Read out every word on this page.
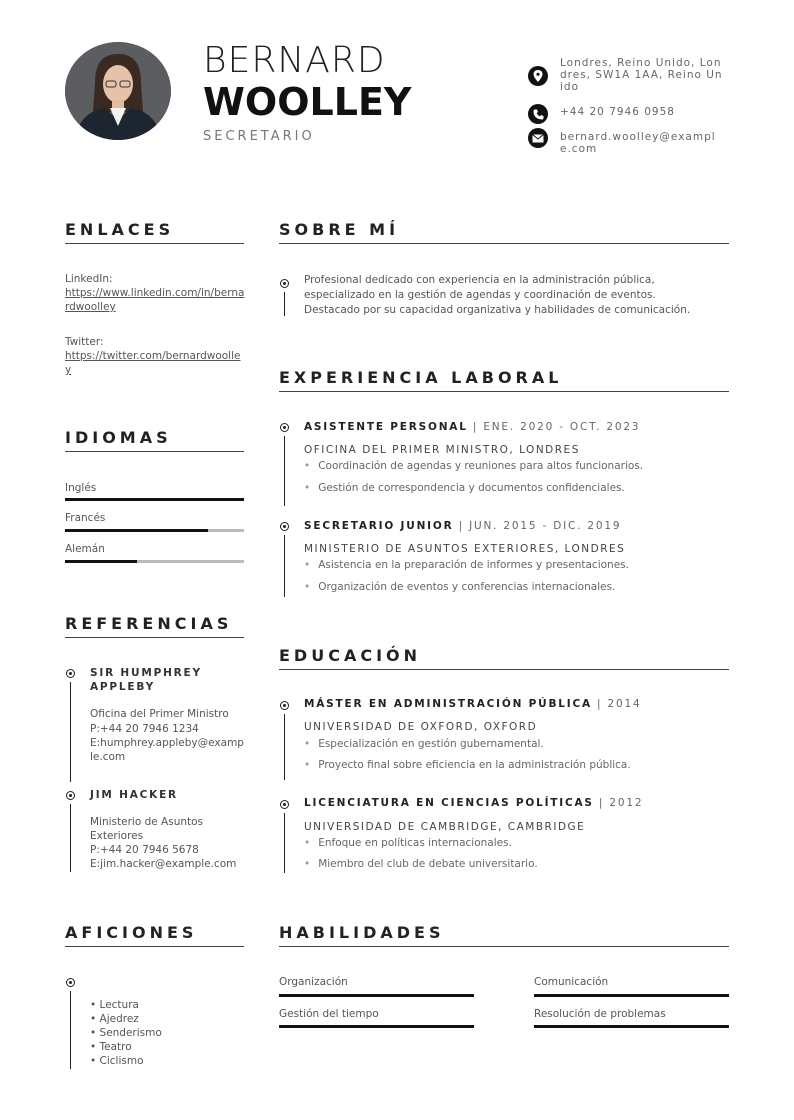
BERNARD
WOOLLEY
SECRETARIO
Londres, Reino Unido, Londres, SW1A 1AA, Reino Unido
+44 20 7946 0958
bernard.woolley@example.com
ENLACES
LinkedIn:
https://www.linkedin.com/in/bernardwoolley
Twitter:
https://twitter.com/bernardwoolley
IDIOMAS
Inglés
Francés
Alemán
REFERENCIAS
SIR HUMPHREY APPLEBY
Oficina del Primer Ministro
P:+44 20 7946 1234
E:humphrey.appleby@example.com
JIM HACKER
Ministerio de Asuntos Exteriores
P:+44 20 7946 5678
E:jim.hacker@example.com
AFICIONES
• Lectura
• Ajedrez
• Senderismo
• Teatro
• Ciclismo
SOBRE MÍ
Profesional dedicado con experiencia en la administración pública,
especializado en la gestión de agendas y coordinación de eventos.
Destacado por su capacidad organizativa y habilidades de comunicación.
EXPERIENCIA LABORAL
ASISTENTE PERSONAL | ENE. 2020 - OCT. 2023
OFICINA DEL PRIMER MINISTRO, LONDRES
• Coordinación de agendas y reuniones para altos funcionarios.
• Gestión de correspondencia y documentos confidenciales.
SECRETARIO JUNIOR | JUN. 2015 - DIC. 2019
MINISTERIO DE ASUNTOS EXTERIORES, LONDRES
• Asistencia en la preparación de informes y presentaciones.
• Organización de eventos y conferencias internacionales.
EDUCACIÓN
MÁSTER EN ADMINISTRACIÓN PÚBLICA | 2014
UNIVERSIDAD DE OXFORD, OXFORD
• Especialización en gestión gubernamental.
• Proyecto final sobre eficiencia en la administración pública.
LICENCIATURA EN CIENCIAS POLÍTICAS | 2012
UNIVERSIDAD DE CAMBRIDGE, CAMBRIDGE
• Enfoque en políticas internacionales.
• Miembro del club de debate universitario.
HABILIDADES
Organización	Comunicación
Gestión del tiempo	Resolución de problemas
